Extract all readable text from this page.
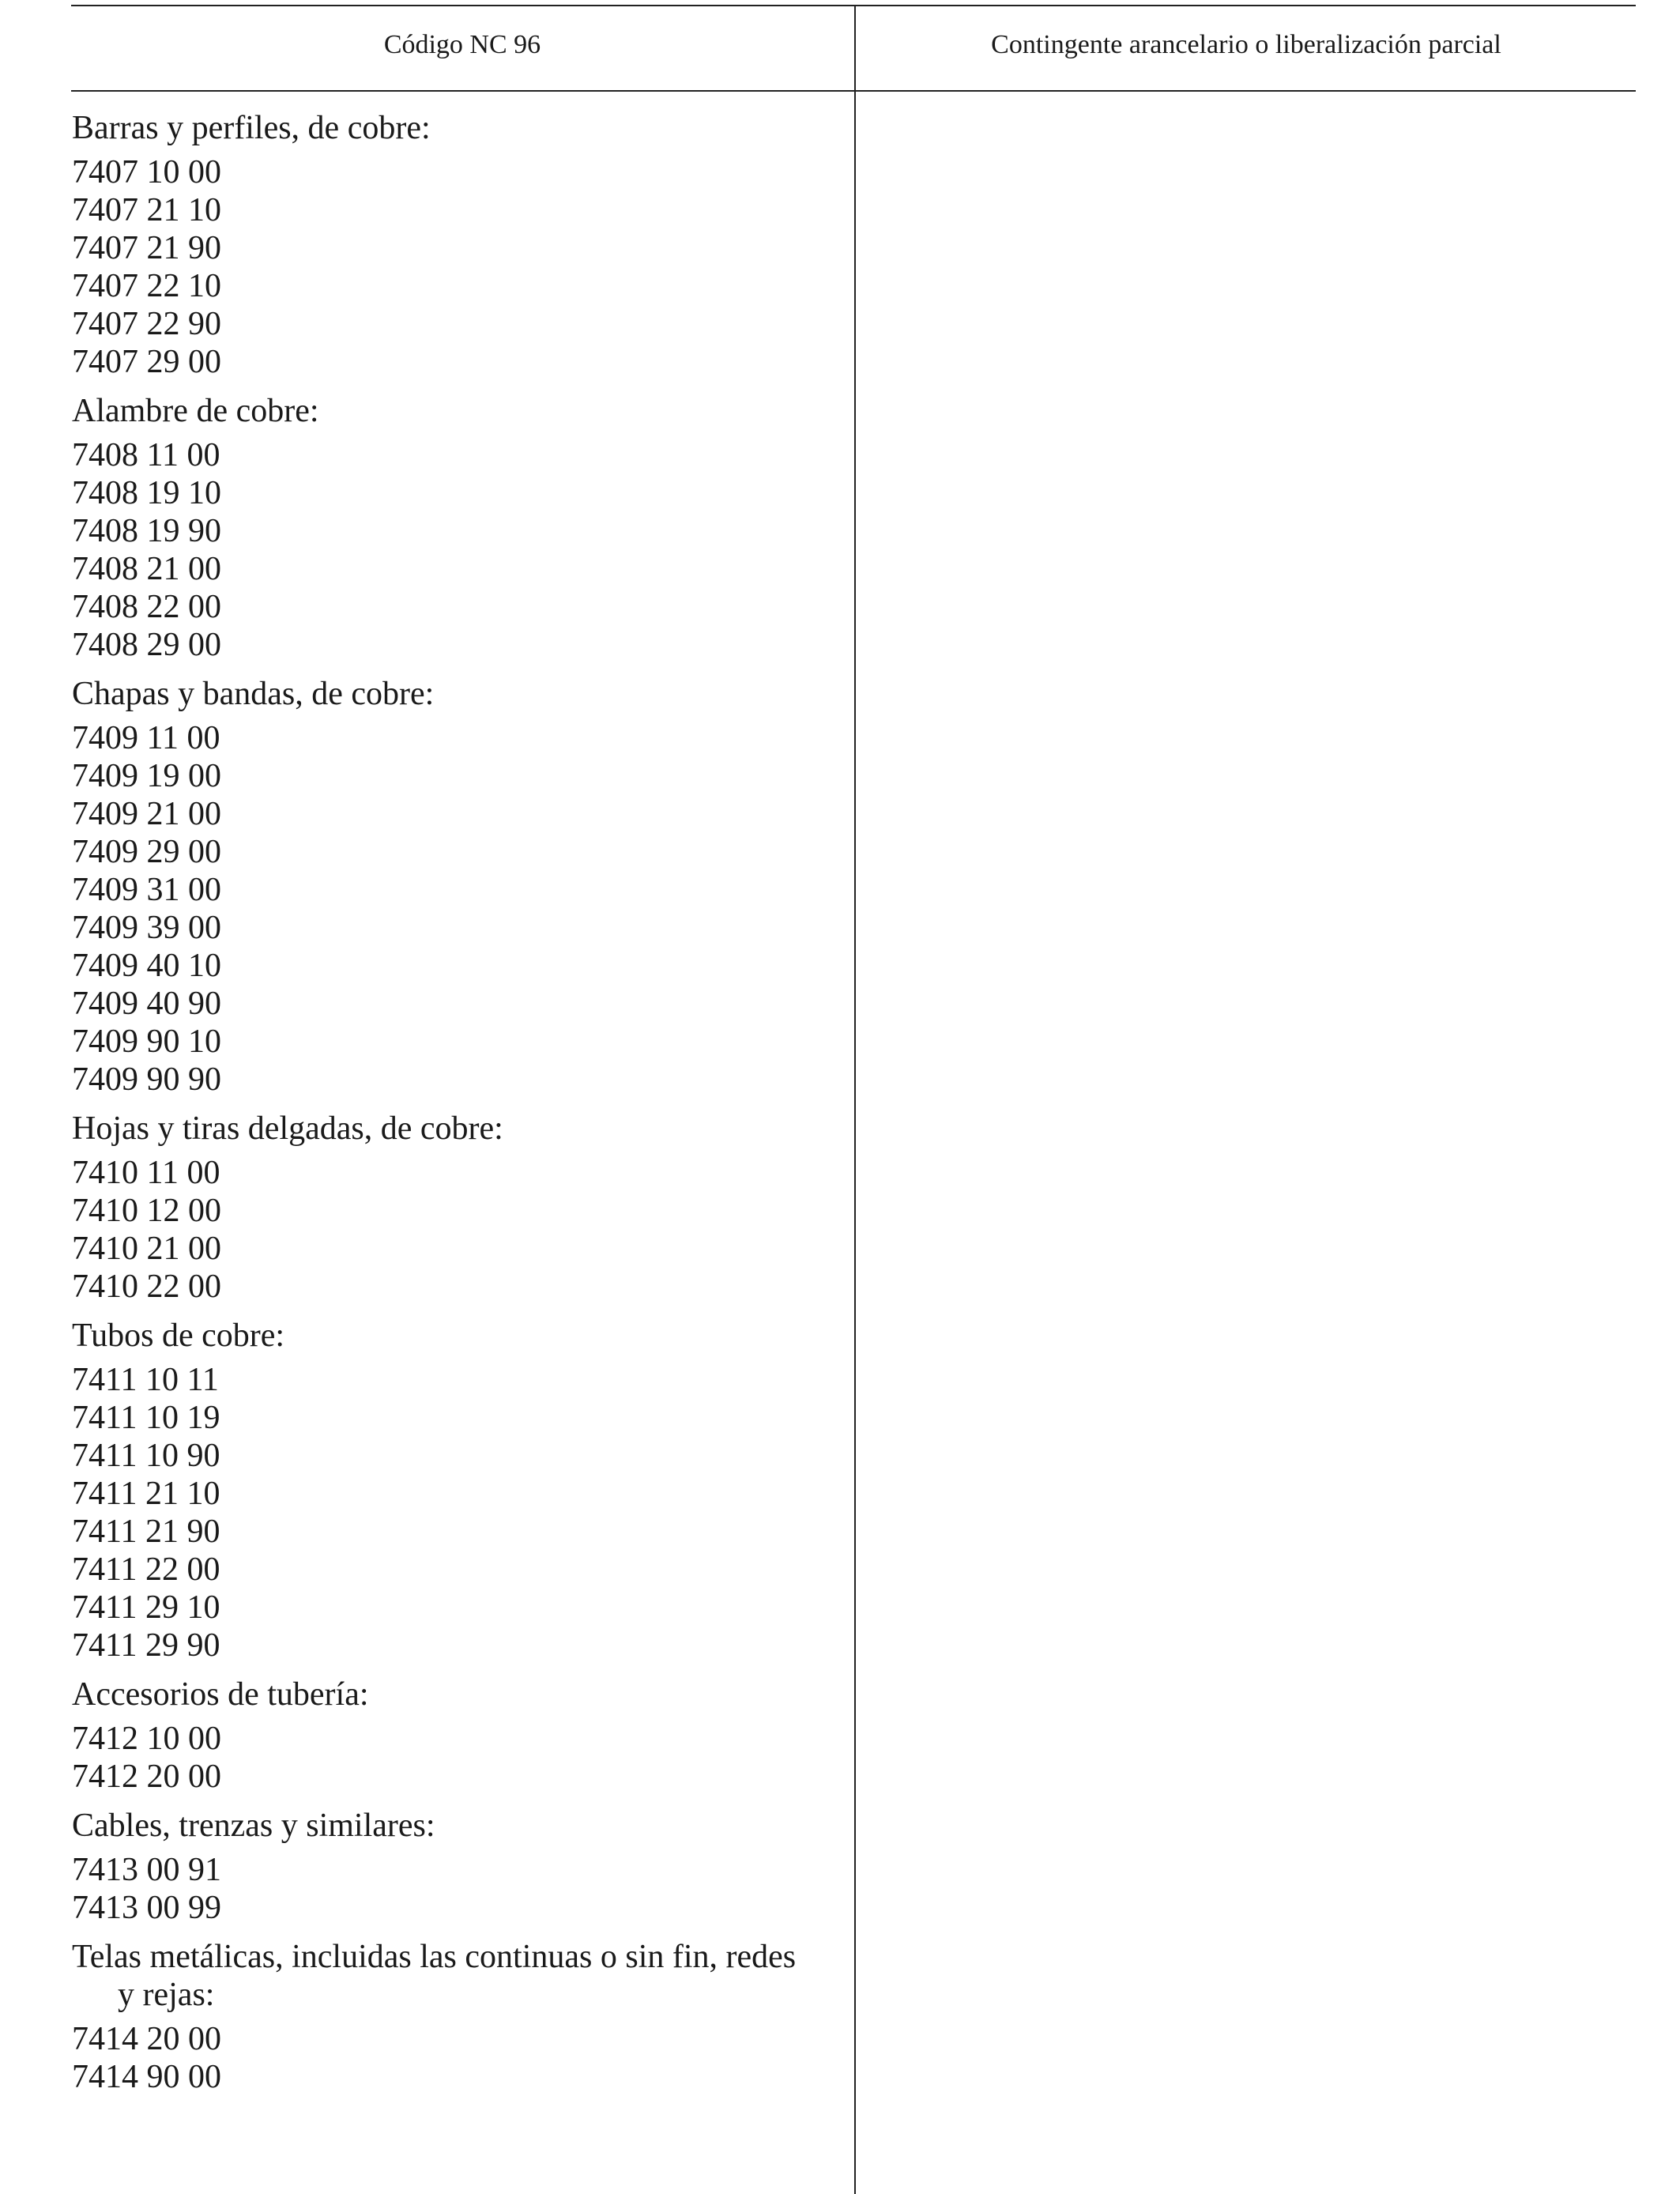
Código NC 96	Contingente arancelario o liberalización parcial
Barras y perfiles, de cobre:
7407 10 00
7407 21 10
7407 21 90
7407 22 10
7407 22 90
7407 29 00
Alambre de cobre:
7408 11 00
7408 19 10
7408 19 90
7408 21 00
7408 22 00
7408 29 00
Chapas y bandas, de cobre:
7409 11 00
7409 19 00
7409 21 00
7409 29 00
7409 31 00
7409 39 00
7409 40 10
7409 40 90
7409 90 10
7409 90 90
Hojas y tiras delgadas, de cobre:
7410 11 00
7410 12 00
7410 21 00
7410 22 00
Tubos de cobre:
7411 10 11
7411 10 19
7411 10 90
7411 21 10
7411 21 90
7411 22 00
7411 29 10
7411 29 90
Accesorios de tubería:
7412 10 00
7412 20 00
Cables, trenzas y similares:
7413 00 91
7413 00 99
Telas metálicas, incluidas las continuas o sin fin, redes
y rejas:
7414 20 00
7414 90 00
